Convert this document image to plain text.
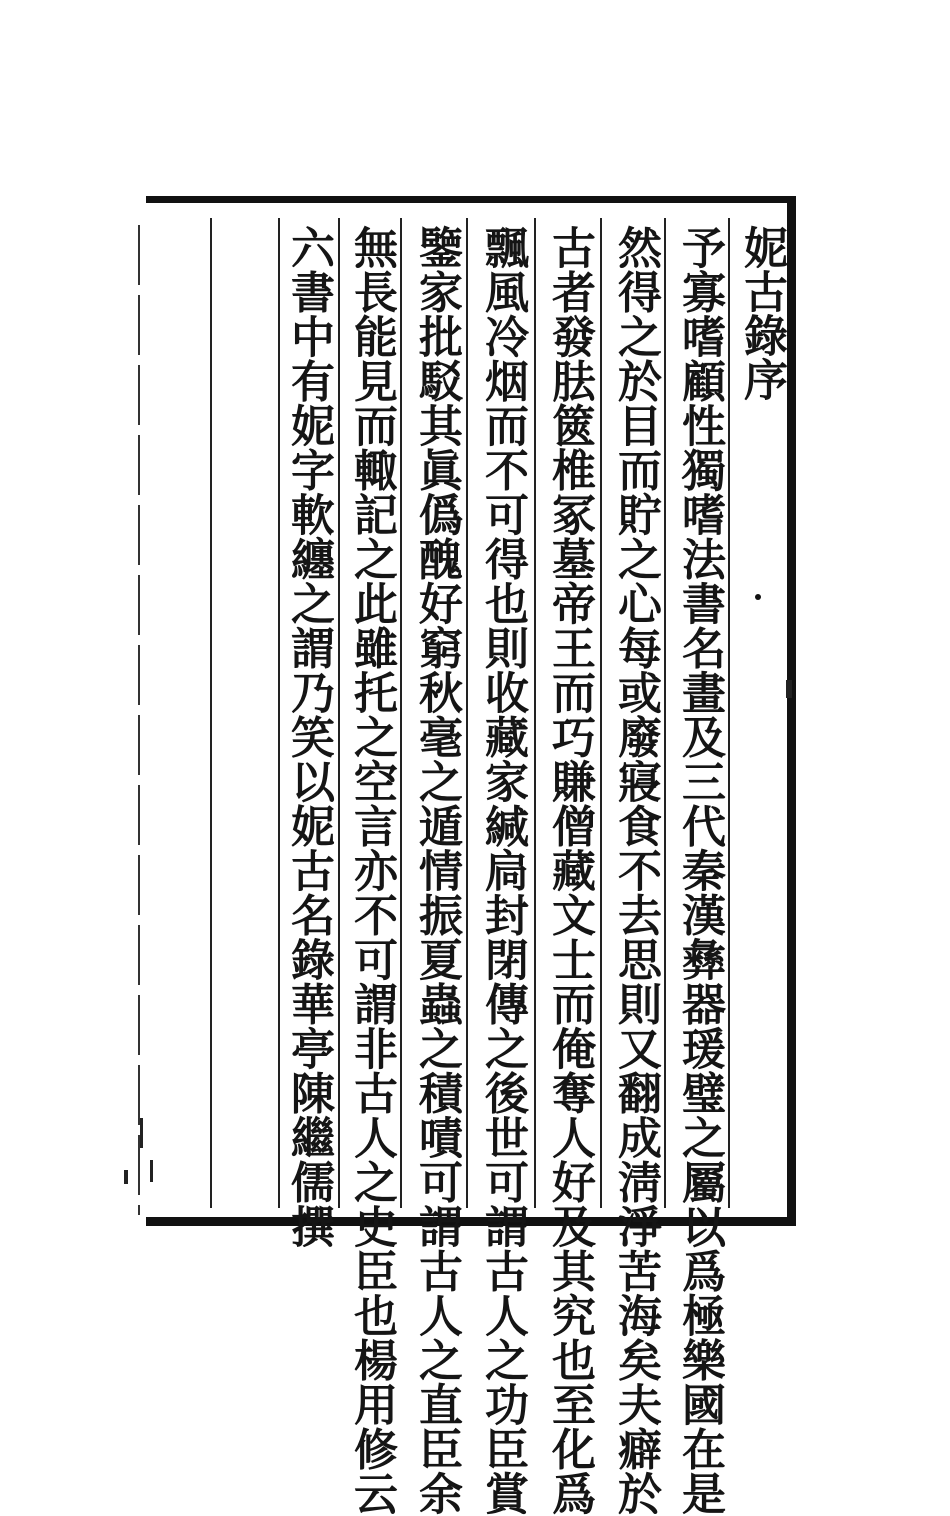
妮古錄序
予寡嗜顧性獨嗜法書名畫及三代秦漢彝器瑗璧之屬以爲極樂國在是
然得之於目而貯之心每或廢寢食不去思則又翻成淸淨苦海矣夫癖於
古者發胠篋椎冢墓帝王而巧賺僧藏文士而俺奪人好及其究也至化爲
飄風冷烟而不可得也則收藏家緘扃封閉傳之後世可謂古人之功臣賞
鑒家批駁其眞僞醜好窮秋毫之遁情振夏蟲之積嘖可謂古人之直臣余
無長能見而輙記之此雖托之空言亦不可謂非古人之史臣也楊用修云
六書中有妮字軟纏之謂乃笑以妮古名錄華亭陳繼儒撰
